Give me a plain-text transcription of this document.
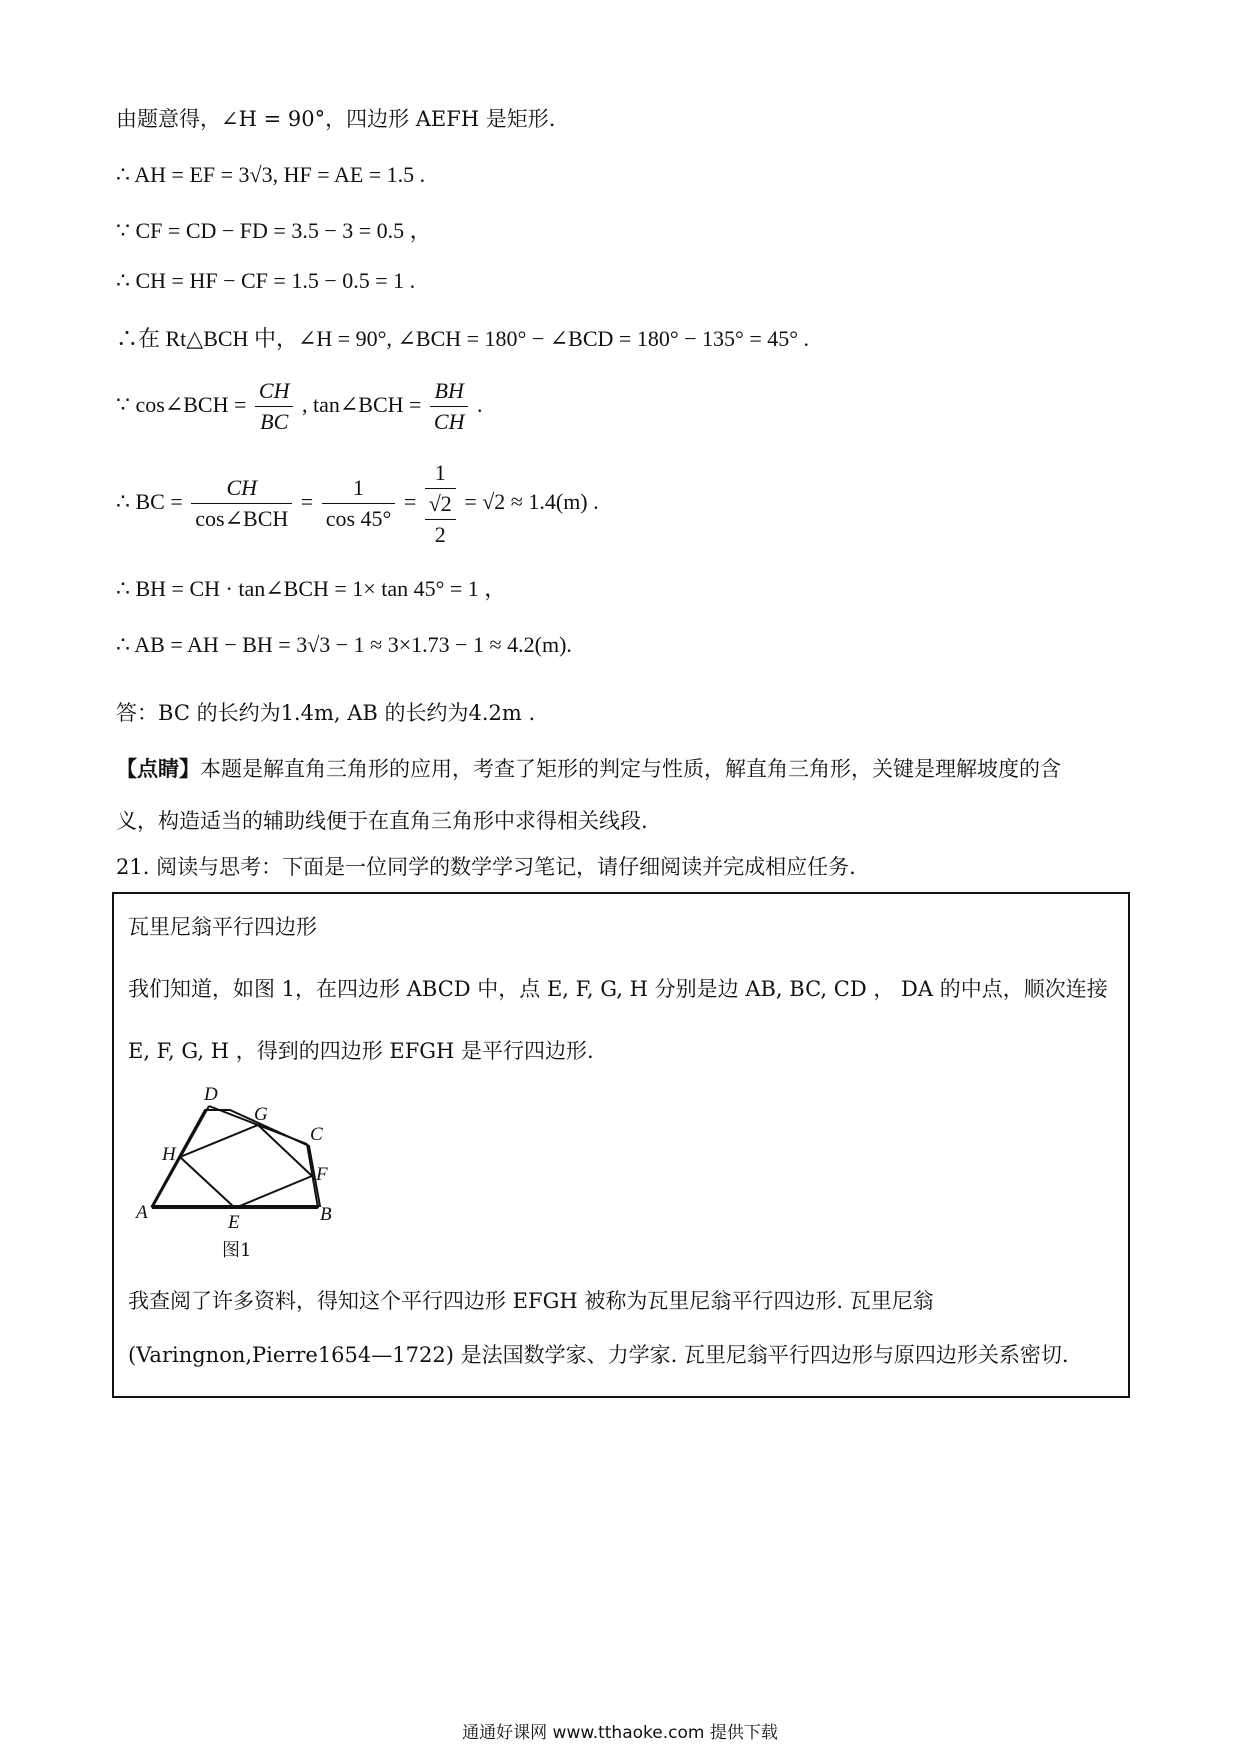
由题意得，∠H = 90°，四边形 AEFH 是矩形.
∴ AH = EF = 3√3, HF = AE = 1.5 .
∵ CF = CD − FD = 3.5 − 3 = 0.5 ，
∴ CH = HF − CF = 1.5 − 0.5 = 1 .
∴在 Rt△BCH 中，∠H = 90°, ∠BCH = 180° − ∠BCD = 180° − 135° = 45° .
∵ cos∠BCH = $\frac{CH}{BC}$ , tan∠BCH = $\frac{BH}{CH}$ .
∴ BC = $\frac{CH}{\text{cos∠BCH}} = \frac{1}{\cos 45^\circ}$ =
1
√2
2
= √2 ≈ 1.4(m) .
∴ BH = CH · tan∠BCH = 1× tan 45° = 1 ，
∴ AB = AH − BH = 3√3 − 1 ≈ 3×1.73 − 1 ≈ 4.2(m).
答：BC 的长约为1.4m, AB 的长约为4.2m .
【点睛】本题是解直角三角形的应用，考查了矩形的判定与性质，解直角三角形，关键是理解坡度的含
义，构造适当的辅助线便于在直角三角形中求得相关线段.
21. 阅读与思考：下面是一位同学的数学学习笔记，请仔细阅读并完成相应任务.
瓦里尼翁平行四边形
我们知道，如图 1，在四边形 ABCD 中，点 E, F, G, H 分别是边 AB, BC, CD ， DA 的中点，顺次连接
E, F, G, H ，得到的四边形 EFGH 是平行四边形.
A	B
C
D
E
F
G
H
图1
我查阅了许多资料，得知这个平行四边形 EFGH 被称为瓦里尼翁平行四边形. 瓦里尼翁
(Varingnon,Pierre1654—1722) 是法国数学家、力学家. 瓦里尼翁平行四边形与原四边形关系密切.
通通好课网 www.tthaoke.com 提供下载
